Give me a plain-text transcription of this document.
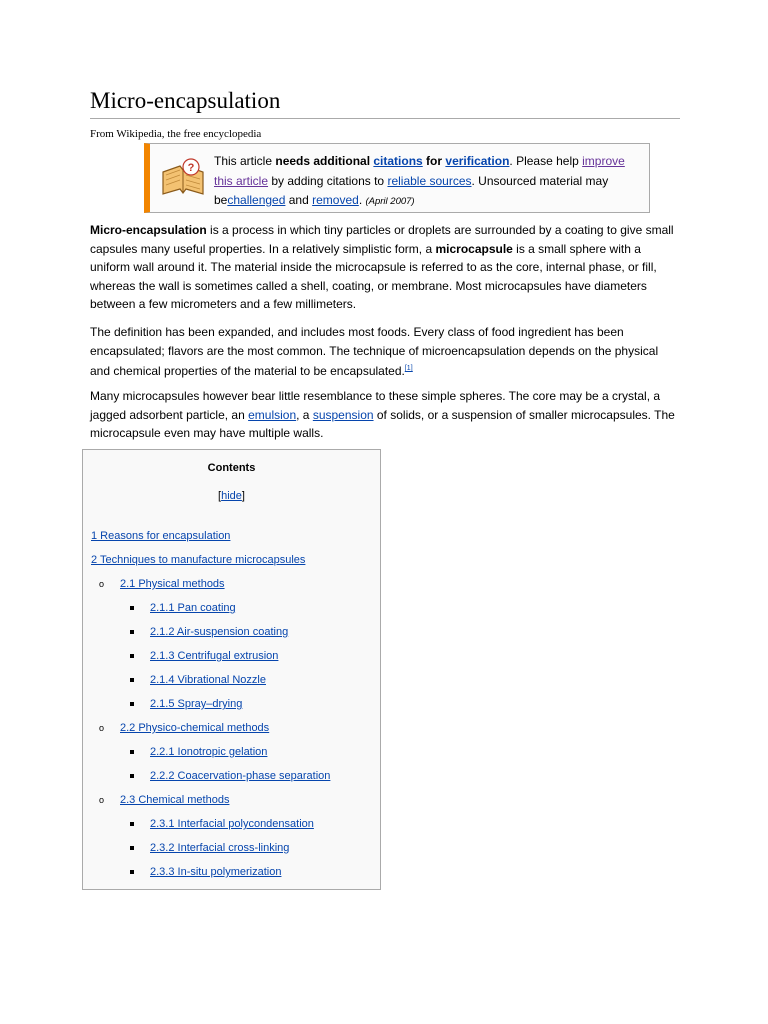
Micro-encapsulation
From Wikipedia, the free encyclopedia
? This article needs additional citations for verification. Please help improve this article by adding citations to reliable sources. Unsourced material may bechallenged and removed. (April 2007)

Micro-encapsulation is a process in which tiny particles or droplets are surrounded by a coating to give small capsules many useful properties. In a relatively simplistic form, a microcapsule is a small sphere with a uniform wall around it. The material inside the microcapsule is referred to as the core, internal phase, or fill, whereas the wall is sometimes called a shell, coating, or membrane. Most microcapsules have diameters between a few micrometers and a few millimeters.

The definition has been expanded, and includes most foods. Every class of food ingredient has been encapsulated; flavors are the most common. The technique of microencapsulation depends on the physical and chemical properties of the material to be encapsulated.[1]

Many microcapsules however bear little resemblance to these simple spheres. The core may be a crystal, a jagged adsorbent particle, an emulsion, a suspension of solids, or a suspension of smaller microcapsules. The microcapsule even may have multiple walls.

Contents
[hide]
1 Reasons for encapsulation
2 Techniques to manufacture microcapsules
o 2.1 Physical methods
2.1.1 Pan coating
2.1.2 Air-suspension coating
2.1.3 Centrifugal extrusion
2.1.4 Vibrational Nozzle
2.1.5 Spray–drying
o 2.2 Physico-chemical methods
2.2.1 Ionotropic gelation
2.2.2 Coacervation-phase separation
o 2.3 Chemical methods
2.3.1 Interfacial polycondensation
2.3.2 Interfacial cross-linking
2.3.3 In-situ polymerization
